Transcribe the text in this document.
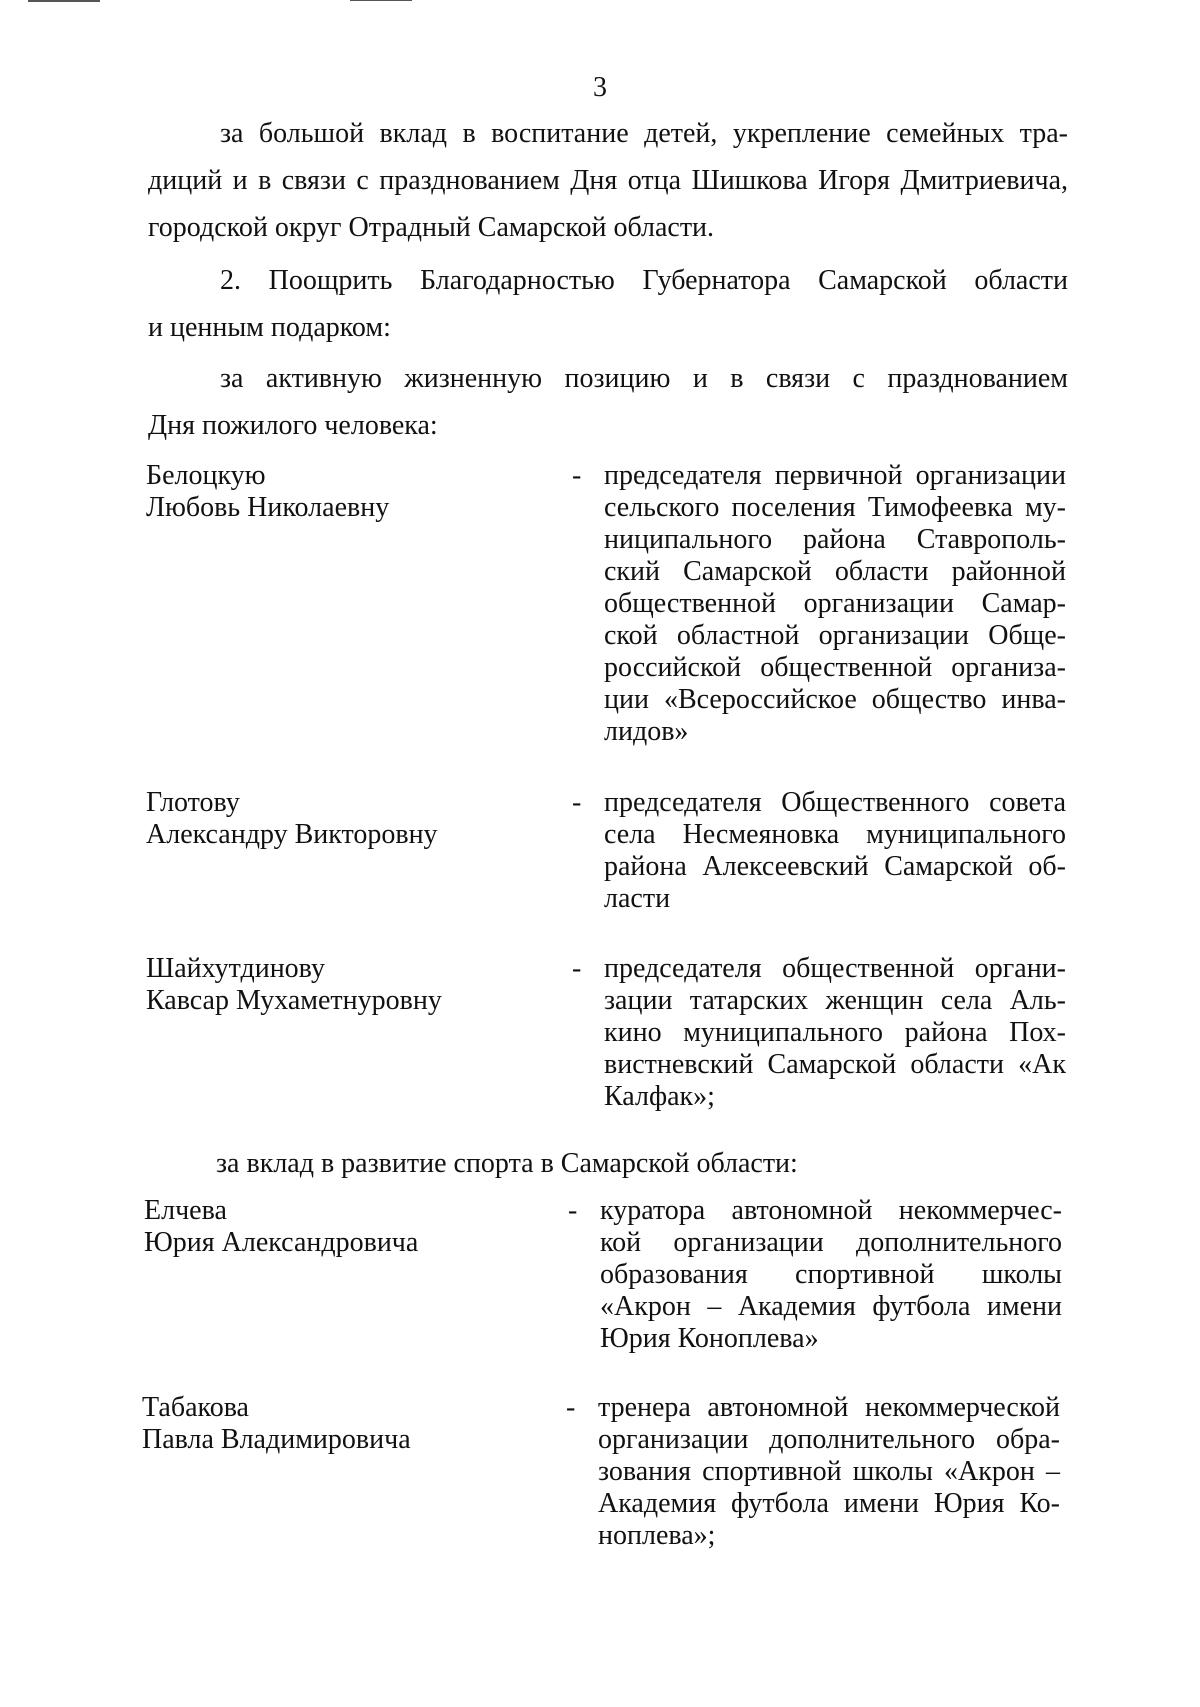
3
за большой вклад в воспитание детей, укрепление семейных тра-
диций и в связи с празднованием Дня отца Шишкова Игоря Дмитриевича,
городской округ Отрадный Самарской области.
2. Поощрить Благодарностью Губернатора Самарской области
и ценным подарком:
за активную жизненную позицию и в связи с празднованием
Дня пожилого человека:
Белоцкую
Любовь Николаевну
- председателя первичной организации
сельского поселения Тимофеевка му-
ниципального района Ставрополь-
ский Самарской области районной
общественной организации Самар-
ской областной организации Обще-
российской общественной организа-
ции «Всероссийское общество инва-
лидов»
Глотову
Александру Викторовну
- председателя Общественного совета
села Несмеяновка муниципального
района Алексеевский Самарской об-
ласти
Шайхутдинову
Кавсар Мухаметнуровну
- председателя общественной органи-
зации татарских женщин села Аль-
кино муниципального района Пох-
вистневский Самарской области «Ак
Калфак»;
за вклад в развитие спорта в Самарской области:
Елчева
Юрия Александровича
- куратора автономной некоммерчес-
кой организации дополнительного
образования спортивной школы
«Акрон – Академия футбола имени
Юрия Коноплева»
Табакова
Павла Владимировича
- тренера автономной некоммерческой
организации дополнительного обра-
зования спортивной школы «Акрон –
Академия футбола имени Юрия Ко-
ноплева»;
